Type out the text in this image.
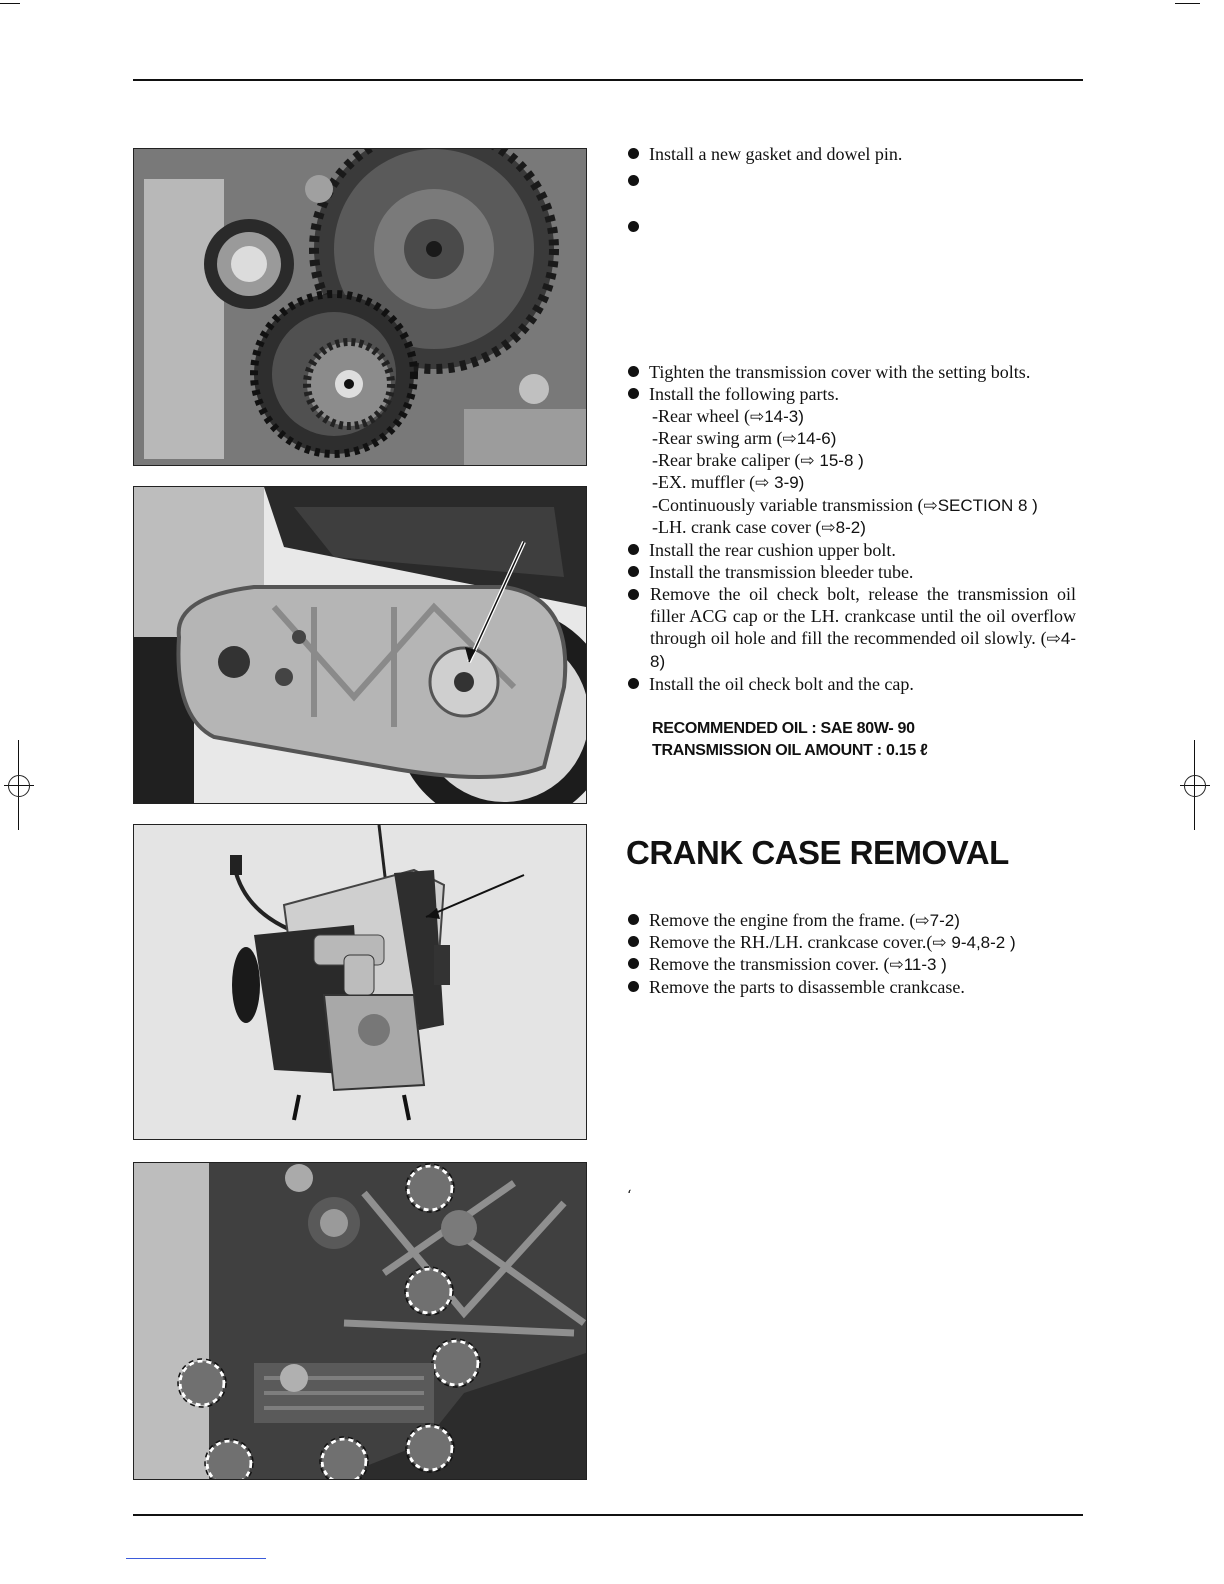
Install a new gasket and dowel pin.
Tighten the transmission cover with the setting bolts.
Install the following parts.
-Rear wheel (⇨14-3)
-Rear swing arm (⇨14-6)
-Rear brake caliper (⇨ 15-8 )
-EX. muffler (⇨ 3-9)
-Continuously variable transmission (⇨SECTION 8 )
-LH. crank case cover (⇨8-2)
Install the rear cushion upper bolt.
Install the transmission bleeder tube.
Remove the oil check bolt, release the transmission oil filler ACG cap or the LH. crankcase until the oil overflow through oil hole and fill the recommended oil slowly. (⇨4-8)
Install the oil check bolt and the cap.
RECOMMENDED OIL : SAE 80W- 90
TRANSMISSION OIL AMOUNT : 0.15 ℓ
CRANK CASE REMOVAL
Remove the engine from the frame. (⇨7-2)
Remove the RH./LH. crankcase cover.(⇨ 9-4,8-2 )
Remove the transmission cover. (⇨11-3 )
Remove the parts to disassemble crankcase.
‘
